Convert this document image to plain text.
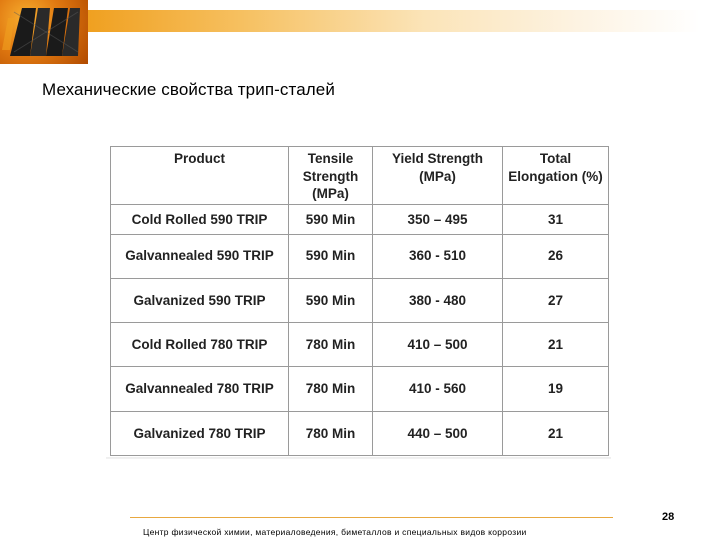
Механические свойства трип-сталей
Product	Tensile Strength (MPa)	Yield Strength (MPa)	Total Elongation (%)
Cold Rolled 590 TRIP	590 Min	350 – 495	31
Galvannealed 590 TRIP	590 Min	360 - 510	26
Galvanized 590 TRIP	590 Min	380 - 480	27
Cold Rolled 780 TRIP	780 Min	410 – 500	21
Galvannealed 780 TRIP	780 Min	410 - 560	19
Galvanized 780 TRIP	780 Min	440 – 500	21
28
Центр физической химии, материаловедения, биметаллов и специальных видов коррозии
